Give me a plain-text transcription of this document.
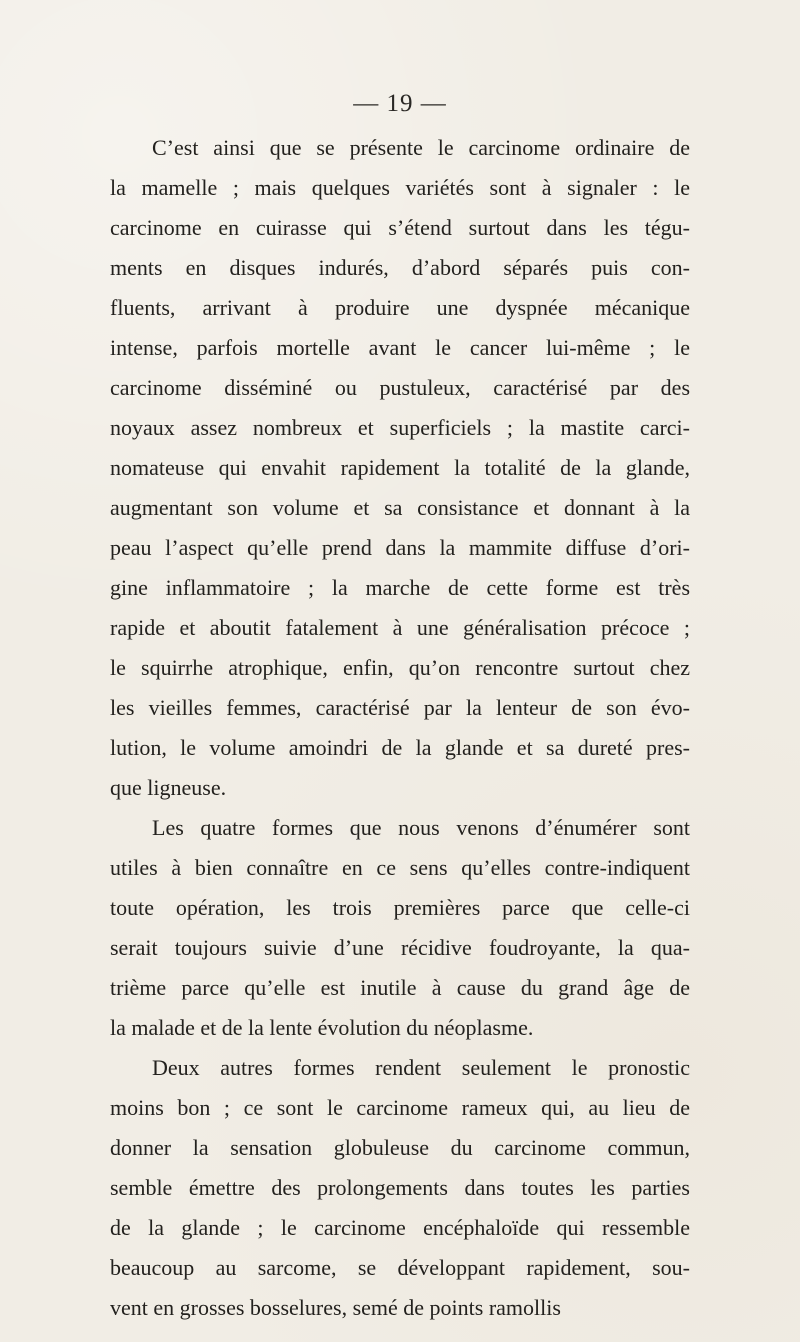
— 19 —
C’est ainsi que se présente le carcinome ordinaire de
la mamelle ; mais quelques variétés sont à signaler : le
carcinome en cuirasse qui s’étend surtout dans les tégu-
ments en disques indurés, d’abord séparés puis con-
fluents, arrivant à produire une dyspnée mécanique
intense, parfois mortelle avant le cancer lui-même ; le
carcinome disséminé ou pustuleux, caractérisé par des
noyaux assez nombreux et superficiels ; la mastite carci-
nomateuse qui envahit rapidement la totalité de la glande,
augmentant son volume et sa consistance et donnant à la
peau l’aspect qu’elle prend dans la mammite diffuse d’ori-
gine inflammatoire ; la marche de cette forme est très
rapide et aboutit fatalement à une généralisation précoce ;
le squirrhe atrophique, enfin, qu’on rencontre surtout chez
les vieilles femmes, caractérisé par la lenteur de son évo-
lution, le volume amoindri de la glande et sa dureté pres-
que ligneuse.
Les quatre formes que nous venons d’énumérer sont
utiles à bien connaître en ce sens qu’elles contre-indiquent
toute opération, les trois premières parce que celle-ci
serait toujours suivie d’une récidive foudroyante, la qua-
trième parce qu’elle est inutile à cause du grand âge de
la malade et de la lente évolution du néoplasme.
Deux autres formes rendent seulement le pronostic
moins bon ; ce sont le carcinome rameux qui, au lieu de
donner la sensation globuleuse du carcinome commun,
semble émettre des prolongements dans toutes les parties
de la glande ; le carcinome encéphaloïde qui ressemble
beaucoup au sarcome, se développant rapidement, sou-
vent en grosses bosselures, semé de points ramollis
